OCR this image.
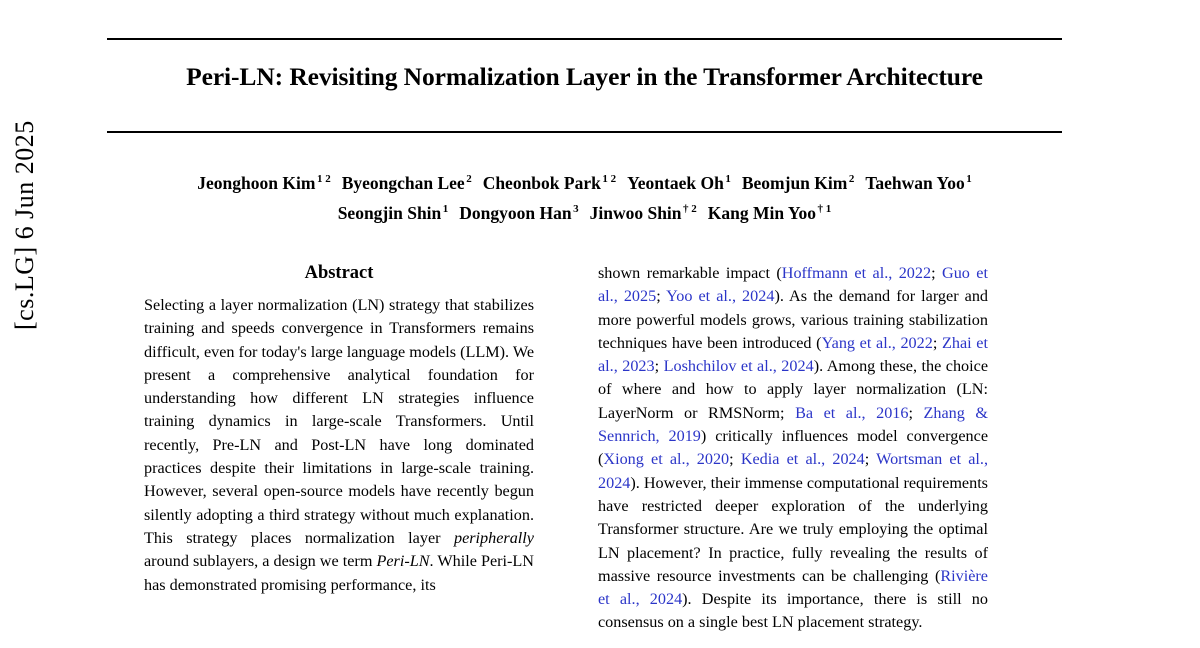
[cs.LG] 6 Jun 2025
Peri-LN: Revisiting Normalization Layer in the Transformer Architecture
Jeonghoon Kim $^{1 2}$ Byeongchan Lee $^2$ Cheonbok Park $^{1 2}$ Yeontaek Oh $^1$ Beomjun Kim $^2$ Taehwan Yoo $^1$
Seongjin Shin $^1$ Dongyoon Han $^3$ Jinwoo Shin $^{\dagger 2}$ Kang Min Yoo $^{\dagger 1}$
Abstract

Selecting a layer normalization (LN) strategy that stabilizes training and speeds convergence in Transformers remains difficult, even for today's large language models (LLM). We present a comprehensive analytical foundation for understanding how different LN strategies influence training dynamics in large-scale Transformers. Until recently, Pre-LN and Post-LN have long dominated practices despite their limitations in large-scale training. However, several open-source models have recently begun silently adopting a third strategy without much explanation. This strategy places normalization layer peripherally around sublayers, a design we term Peri-LN. While Peri-LN has demonstrated promising performance, its

shown remarkable impact (Hoffmann et al., 2022; Guo et al., 2025; Yoo et al., 2024). As the demand for larger and more powerful models grows, various training stabilization techniques have been introduced (Yang et al., 2022; Zhai et al., 2023; Loshchilov et al., 2024). Among these, the choice of where and how to apply layer normalization (LN: LayerNorm or RMSNorm; Ba et al., 2016; Zhang & Sennrich, 2019) critically influences model convergence (Xiong et al., 2020; Kedia et al., 2024; Wortsman et al., 2024). However, their immense computational requirements have restricted deeper exploration of the underlying Transformer structure. Are we truly employing the optimal LN placement? In practice, fully revealing the results of massive resource investments can be challenging (Rivière et al., 2024). Despite its importance, there is still no consensus on a single best LN placement strategy.
